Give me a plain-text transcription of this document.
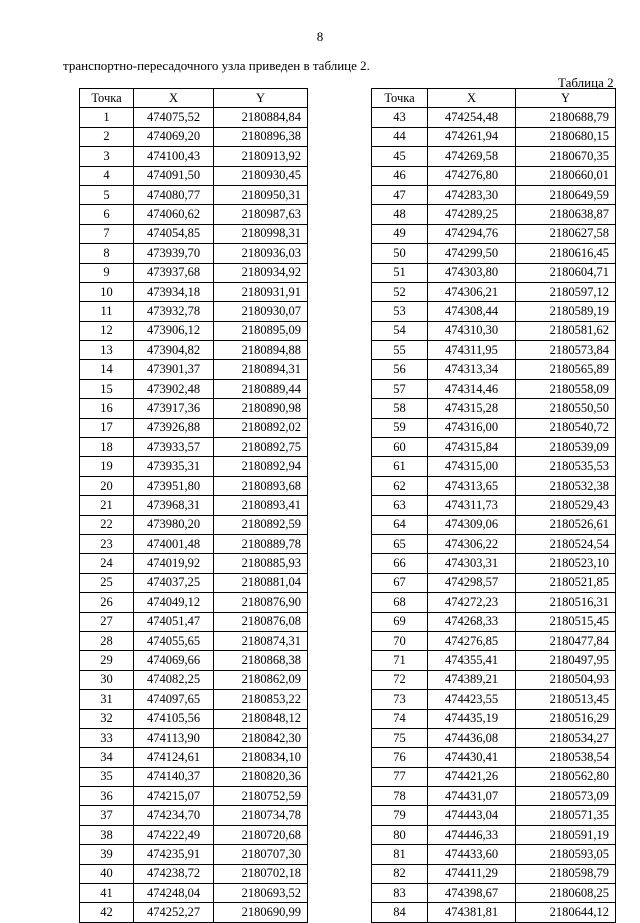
8
транспортно-пересадочного узла приведен в таблице 2.
Таблица 2
Точка	X	Y
1	474075,52	2180884,84
2	474069,20	2180896,38
3	474100,43	2180913,92
4	474091,50	2180930,45
5	474080,77	2180950,31
6	474060,62	2180987,63
7	474054,85	2180998,31
8	473939,70	2180936,03
9	473937,68	2180934,92
10	473934,18	2180931,91
11	473932,78	2180930,07
12	473906,12	2180895,09
13	473904,82	2180894,88
14	473901,37	2180894,31
15	473902,48	2180889,44
16	473917,36	2180890,98
17	473926,88	2180892,02
18	473933,57	2180892,75
19	473935,31	2180892,94
20	473951,80	2180893,68
21	473968,31	2180893,41
22	473980,20	2180892,59
23	474001,48	2180889,78
24	474019,92	2180885,93
25	474037,25	2180881,04
26	474049,12	2180876,90
27	474051,47	2180876,08
28	474055,65	2180874,31
29	474069,66	2180868,38
30	474082,25	2180862,09
31	474097,65	2180853,22
32	474105,56	2180848,12
33	474113,90	2180842,30
34	474124,61	2180834,10
35	474140,37	2180820,36
36	474215,07	2180752,59
37	474234,70	2180734,78
38	474222,49	2180720,68
39	474235,91	2180707,30
40	474238,72	2180702,18
41	474248,04	2180693,52
42	474252,27	2180690,99
Точка	X	Y
43	474254,48	2180688,79
44	474261,94	2180680,15
45	474269,58	2180670,35
46	474276,80	2180660,01
47	474283,30	2180649,59
48	474289,25	2180638,87
49	474294,76	2180627,58
50	474299,50	2180616,45
51	474303,80	2180604,71
52	474306,21	2180597,12
53	474308,44	2180589,19
54	474310,30	2180581,62
55	474311,95	2180573,84
56	474313,34	2180565,89
57	474314,46	2180558,09
58	474315,28	2180550,50
59	474316,00	2180540,72
60	474315,84	2180539,09
61	474315,00	2180535,53
62	474313,65	2180532,38
63	474311,73	2180529,43
64	474309,06	2180526,61
65	474306,22	2180524,54
66	474303,31	2180523,10
67	474298,57	2180521,85
68	474272,23	2180516,31
69	474268,33	2180515,45
70	474276,85	2180477,84
71	474355,41	2180497,95
72	474389,21	2180504,93
73	474423,55	2180513,45
74	474435,19	2180516,29
75	474436,08	2180534,27
76	474430,41	2180538,54
77	474421,26	2180562,80
78	474431,07	2180573,09
79	474443,04	2180571,35
80	474446,33	2180591,19
81	474433,60	2180593,05
82	474411,29	2180598,79
83	474398,67	2180608,25
84	474381,81	2180644,12
